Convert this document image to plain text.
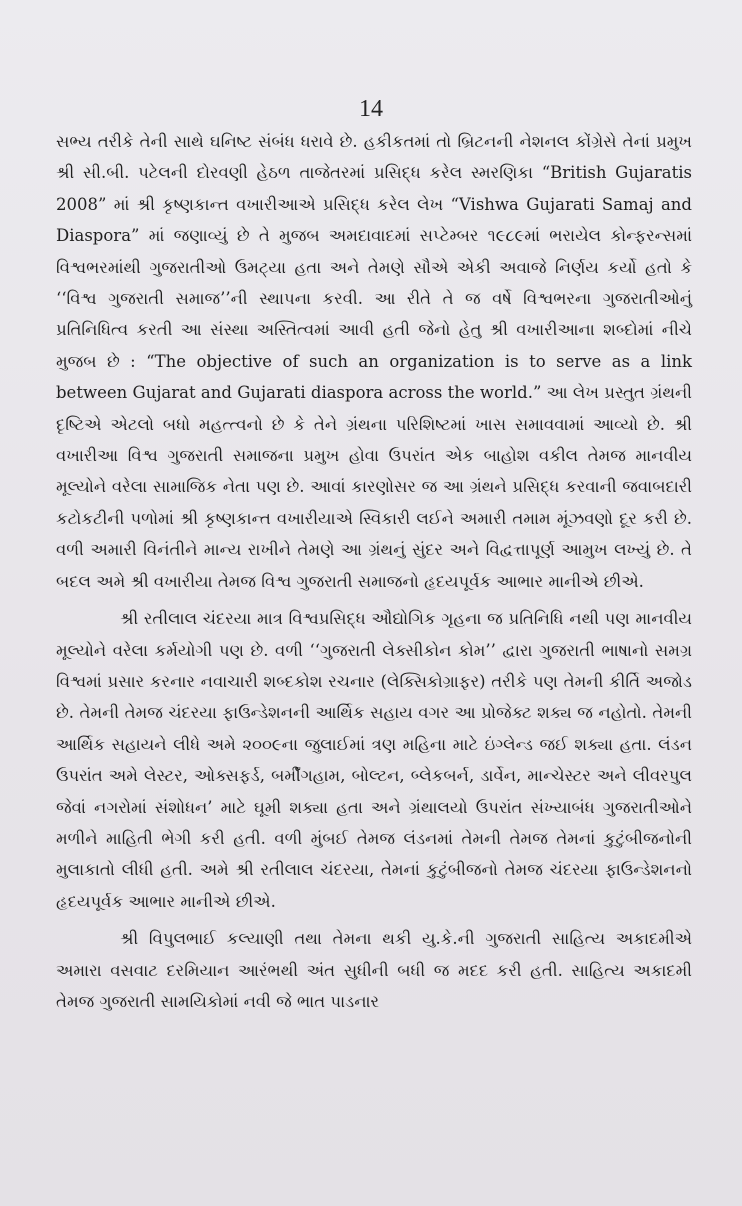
14

સભ્ય તરીકે તેની સાથે ઘનિષ્ટ સંબંધ ધરાવે છે. હકીકતમાં તો બ્રિટનની નેશનલ કોંગ્રેસે તેનાં પ્રમુખ શ્રી સી.બી. પટેલની દોરવણી હેઠળ તાજેતરમાં પ્રસિદ્ધ કરેલ સ્મરણિકા “British Gujaratis 2008” માં શ્રી કૃષ્ણકાન્ત વખારીઆએ પ્રસિદ્ધ કરેલ લેખ “Vishwa Gujarati Samaj and Diaspora” માં જણાવ્યું છે તે મુજબ અમદાવાદમાં સપ્ટેમ્બર ૧૯૮૯માં ભરાયેલ કોન્ફરન્સમાં વિશ્વભરમાંથી ગુજરાતીઓ ઉમટ્યા હતા અને તેમણે સૌએ એકી અવાજે નિર્ણય કર્યો હતો કે ‘‘વિશ્વ ગુજરાતી સમાજ’’ની સ્થાપના કરવી. આ રીતે તે જ વર્ષે વિશ્વભરના ગુજરાતીઓનું પ્રતિનિધિત્વ કરતી આ સંસ્થા અસ્તિત્વમાં આવી હતી જેનો હેતુ શ્રી વખારીઆના શબ્દોમાં નીચે મુજબ છે : “The objective of such an organization is to serve as a link between Gujarat and Gujarati diaspora across the world.” આ લેખ પ્રસ્તુત ગ્રંથની દૃષ્ટિએ એટલો બધો મહત્ત્વનો છે કે તેને ગ્રંથના પરિશિષ્ટમાં ખાસ સમાવવામાં આવ્યો છે. શ્રી વખારીઆ વિશ્વ ગુજરાતી સમાજના પ્રમુખ હોવા ઉપરાંત એક બાહોશ વકીલ તેમજ માનવીય મૂલ્યોને વરેલા સામાજિક નેતા પણ છે. આવાં કારણોસર જ આ ગ્રંથને પ્રસિદ્ધ કરવાની જવાબદારી કટોકટીની પળોમાં શ્રી કૃષ્ણકાન્ત વખારીયાએ સ્વિકારી લઈને અમારી તમામ મૂંઝવણો દૂર કરી છે. વળી અમારી વિનંતીને માન્ય રાખીને તેમણે આ ગ્રંથનું સુંદર અને વિદ્વત્તાપૂર્ણ આમુખ લખ્યું છે. તે બદલ અમે શ્રી વખારીયા તેમજ વિશ્વ ગુજરાતી સમાજનો હૃદયપૂર્વક આભાર માનીએ છીએ.

શ્રી રતીલાલ ચંદરયા માત્ર વિશ્વપ્રસિદ્ધ ઔદ્યોગિક ગૃહના જ પ્રતિનિધિ નથી પણ માનવીય મૂલ્યોને વરેલા કર્મયોગી પણ છે. વળી ‘‘ગુજરાતી લેક્સીકોન કોમ’’ દ્વારા ગુજરાતી ભાષાનો સમગ્ર વિશ્વમાં પ્રસાર કરનાર નવાચારી શબ્દકોશ રચનાર (લેક્સિકોગ્રાફર) તરીકે પણ તેમની કીર્તિ અજોડ છે. તેમની તેમજ ચંદરયા ફાઉન્ડેશનની આર્થિક સહાય વગર આ પ્રોજેક્ટ શક્ય જ નહોતો. તેમની આર્થિક સહાયને લીધે અમે ૨૦૦૯ના જુલાઈમાં ત્રણ મહિના માટે ઇંગ્લેન્ડ જઈ શક્યા હતા. લંડન ઉપરાંત અમે લેસ્ટર, ઓક્સફર્ડ, બર્મીંગહામ, બોલ્ટન, બ્લેકબર્ન, ડાર્વેન, માન્ચેસ્ટર અને લીવરપુલ જેવાં નગરોમાં સંશોધન’ માટે ઘૂમી શક્યા હતા અને ગ્રંથાલયો ઉપરાંત સંખ્યાબંધ ગુજરાતીઓને મળીને માહિતી ભેગી કરી હતી. વળી મુંબઈ તેમજ લંડનમાં તેમની તેમજ તેમનાં કુટુંબીજનોની મુલાકાતો લીધી હતી. અમે શ્રી રતીલાલ ચંદરયા, તેમનાં કુટુંબીજનો તેમજ ચંદરયા ફાઉન્ડેશનનો હૃદયપૂર્વક આભાર માનીએ છીએ.

શ્રી વિપુલભાઈ કલ્યાણી તથા તેમના થકી યુ.કે.ની ગુજરાતી સાહિત્ય અકાદમીએ અમારા વસવાટ દરમિયાન આરંભથી અંત સુધીની બધી જ મદદ કરી હતી. સાહિત્ય અકાદમી તેમજ ગુજરાતી સામયિકોમાં નવી જે ભાત પાડનાર
